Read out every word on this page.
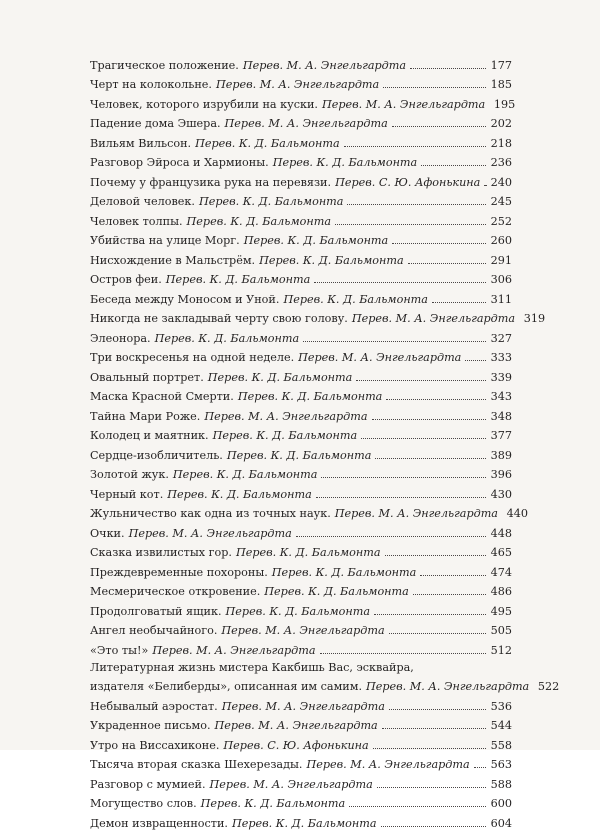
Трагическое положение. Перев. М. А. Энгельгардта	177
Черт на колокольне. Перев. М. А. Энгельгардта	185
Человек, которого изрубили на куски. Перев. М. А. Энгельгардта 195
Падение дома Эшера. Перев. М. А. Энгельгардта	202
Вильям Вильсон. Перев. К. Д. Бальмонта	218
Разговор Эйроса и Хармионы. Перев. К. Д. Бальмонта	236
Почему у французика рука на перевязи. Перев. С. Ю. Афонькина 240
Деловой человек. Перев. К. Д. Бальмонта	245
Человек толпы. Перев. К. Д. Бальмонта	252
Убийства на улице Морг. Перев. К. Д. Бальмонта	260
Нисхождение в Мальстрём. Перев. К. Д. Бальмонта	291
Остров феи. Перев. К. Д. Бальмонта	306
Беседа между Моносом и Уной. Перев. К. Д. Бальмонта	311
Никогда не закладывай черту свою голову. Перев. М. А. Энгельгардта 319
Элеонора. Перев. К. Д. Бальмонта	327
Три воскресенья на одной неделе. Перев. М. А. Энгельгардта	333
Овальный портрет. Перев. К. Д. Бальмонта	339
Маска Красной Смерти. Перев. К. Д. Бальмонта	343
Тайна Мари Роже. Перев. М. А. Энгельгардта	348
Колодец и маятник. Перев. К. Д. Бальмонта	377
Сердце-изобличитель. Перев. К. Д. Бальмонта	389
Золотой жук. Перев. К. Д. Бальмонта	396
Черный кот. Перев. К. Д. Бальмонта	430
Жульничество как одна из точных наук. Перев. М. А. Энгельгардта 440
Очки. Перев. М. А. Энгельгардта	448
Сказка извилистых гор. Перев. К. Д. Бальмонта	465
Преждевременные похороны. Перев. К. Д. Бальмонта	474
Месмерическое откровение. Перев. К. Д. Бальмонта	486
Продолговатый ящик. Перев. К. Д. Бальмонта	495
Ангел необычайного. Перев. М. А. Энгельгардта	505
«Это ты!» Перев. М. А. Энгельгардта	512
Литературная жизнь мистера Какбишь Вас, эсквайра,
издателя «Белиберды», описанная им самим. Перев. М. А. Энгельгардта 522
Небывалый аэростат. Перев. М. А. Энгельгардта	536
Украденное письмо. Перев. М. А. Энгельгардта	544
Утро на Виссахиконе. Перев. С. Ю. Афонькина	558
Тысяча вторая сказка Шехерезады. Перев. М. А. Энгельгардта 563
Разговор с мумией. Перев. М. А. Энгельгардта	588
Могущество слов. Перев. К. Д. Бальмонта	600
Демон извращенности. Перев. К. Д. Бальмонта	604
